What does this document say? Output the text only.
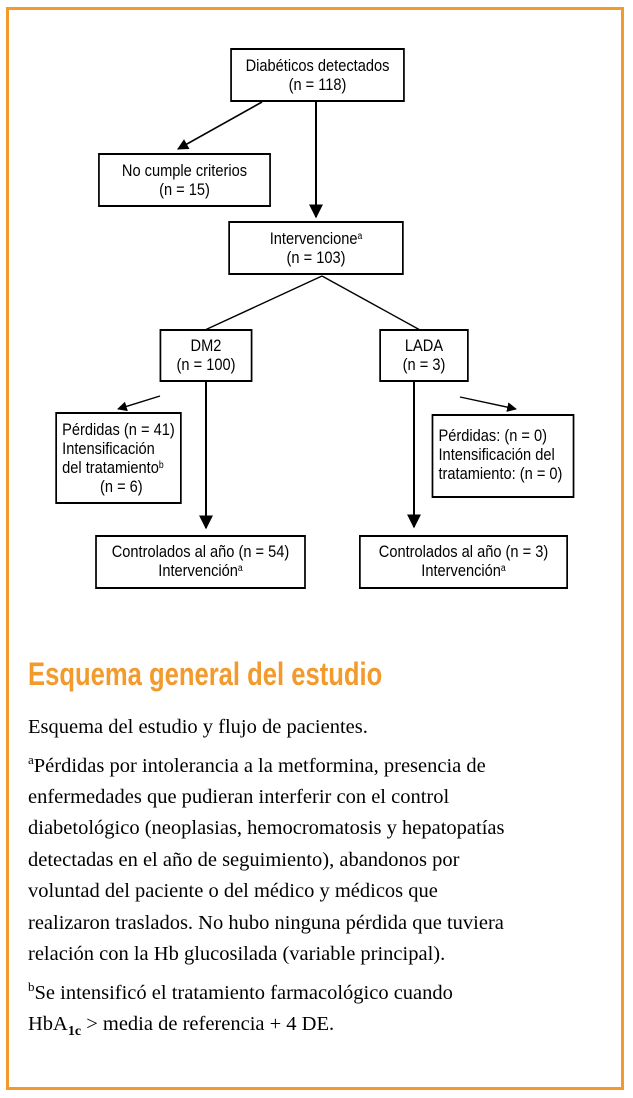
Diabéticos detectados
(n = 118)
No cumple criterios
(n = 15)
Intervencione$^a$
(n = 103)
DM2
(n = 100)
LADA
(n = 3)
Pérdidas (n = 41)
Intensificación
del tratamiento$^b$
(n = 6)
Pérdidas: (n = 0)
Intensificación del
tratamiento: (n = 0)
Controlados al año (n = 54)
Intervención$^a$
Controlados al año (n = 3)
Intervención$^a$
Esquema general del estudio

Esquema del estudio y flujo de pacientes.

$^a$Pérdidas por intolerancia a la metformina, presencia de

enfermedades que pudieran interferir con el control

diabetológico (neoplasias, hemocromatosis y hepatopatías

detectadas en el año de seguimiento), abandonos por

voluntad del paciente o del médico y médicos que

realizaron traslados. No hubo ninguna pérdida que tuviera

relación con la Hb glucosilada (variable principal).

$^b$Se intensificó el tratamiento farmacológico cuando

HbA$_{1c}$ > media de referencia + 4 DE.
